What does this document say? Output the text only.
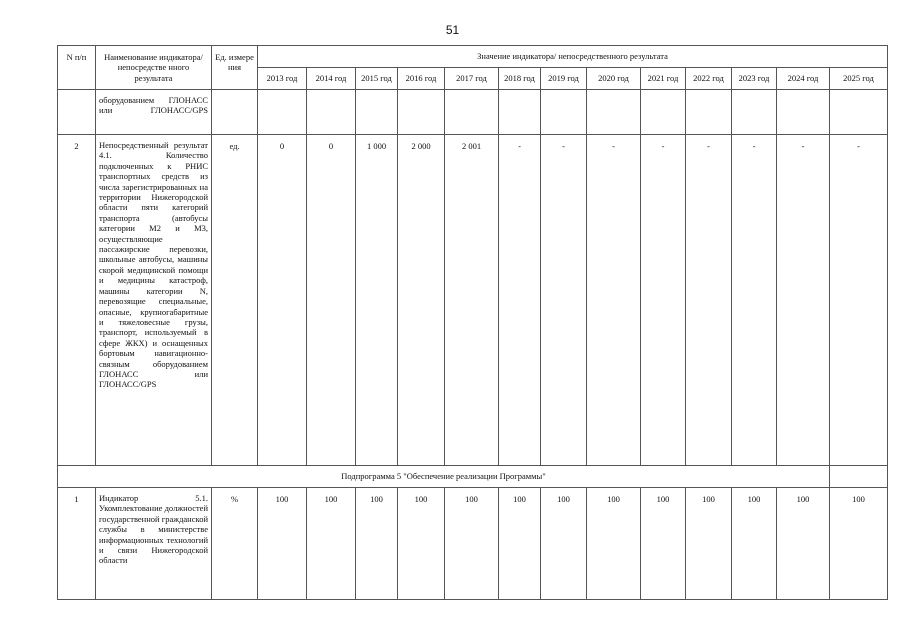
51
N п/п	Наименование индикатора/непосредстве нного результата	Ед. измере ния	Значение индикатора/ непосредственного результата												
			2013 год	2014 год	2015 год	2016 год	2017 год	2018 год	2019 год	2020 год	2021 год	2022 год	2023 год	2024 год	2025 год
	оборудованием ГЛОНАСС или ГЛОНАСС/GPS														
2	Непосредственный результат 4.1. Количество подключенных к РНИС транспортных средств из числа зарегистрированных на территории Нижегородской области пяти категорий транспорта (автобусы категории М2 и М3, осуществляющие пассажирские перевозки, школьные автобусы, машины скорой медицинской помощи и медицины катастроф, машины категории N, перевозящие специальные, опасные, крупногабаритные и тяжеловесные грузы, транспорт, используемый в сфере ЖКХ) и оснащенных бортовым навигационно-связным оборудованием ГЛОНАСС или ГЛОНАСС/GPS	ед.	0	0	1 000	2 000	2 001	-	-	-	-	-	-	-	-
Подпрограмма 5 "Обеспечение реализации Программы"															
1	Индикатор 5.1. Укомплектование должностей государственной гражданской службы в министерстве информационных технологий и связи Нижегородской области	%	100	100	100	100	100	100	100	100	100	100	100	100	100
